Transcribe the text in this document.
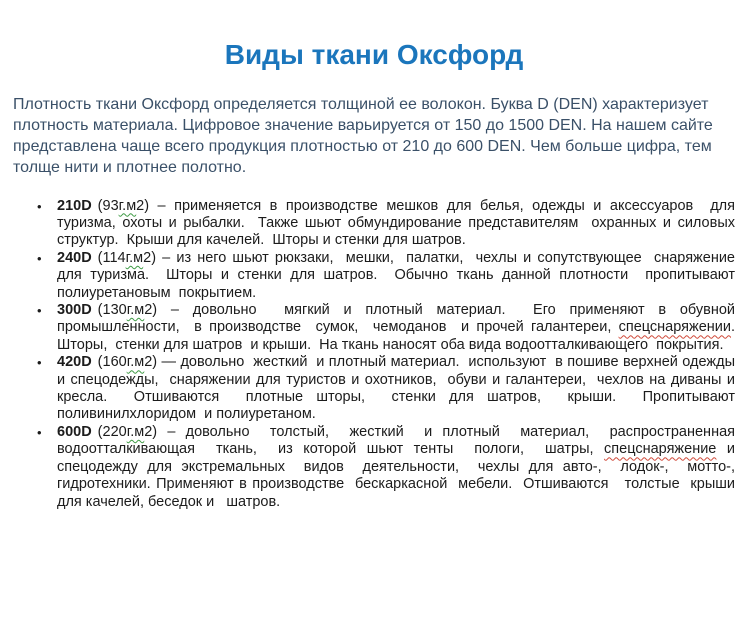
Виды ткани Оксфорд

Плотность ткани Оксфорд определяется толщиной ее волокон. Буква D (DEN) характеризует плотность материала. Цифровое значение варьируется от 150 до 1500 DEN. На нашем сайте представлена чаще всего продукция плотностью от 210 до 600 DEN. Чем больше цифра, тем толще нити и плотнее полотно.

• 210D (93г.м2) – применяется в производстве мешков для белья, одежды и аксессуаров  для туризма, охоты и рыбалки.  Также шьют обмундирование представителям  охранных и силовых структур.  Крыши для качелей.  Шторы и стенки для шатров.
• 240D (114г.м2) – из него шьют рюкзаки,  мешки,  палатки,  чехлы и сопутствующее  снаряжение  для туризма.  Шторы и стенки для шатров.  Обычно ткань данной плотности  пропитывают полиуретановым  покрытием.
• 300D (130г.м2) – довольно  мягкий и плотный материал.  Его применяют в обувной промышленности,  в производстве  сумок,  чемоданов  и прочей галантереи, спецснаряжении. Шторы,  стенки для шатров  и крыши.  На ткань наносят оба вида водоотталкивающего  покрытия.
• 420D (160г.м2) — довольно  жесткий  и плотный материал.  используют  в пошиве верхней одежды и спецодежды,  снаряжении для туристов и охотников,  обуви и галантереи,  чехлов на диваны и кресла.  Отшиваются  плотные шторы,  стенки для шатров,  крыши.  Пропитывают поливинилхлоридом  и полиуретаном.
• 600D (220г.м2) – довольно  толстый,  жесткий  и плотный  материал,  распространенная водоотталкивающая  ткань,  из которой шьют тенты  пологи,  шатры, спецснаряжение и спецодежду для экстремальных  видов  деятельности,  чехлы для авто-,  лодок-,  мотто-,  гидротехники. Применяют в производстве  бескаркасной  мебели.  Отшиваются   толстые  крыши  для качелей, беседок и   шатров.
